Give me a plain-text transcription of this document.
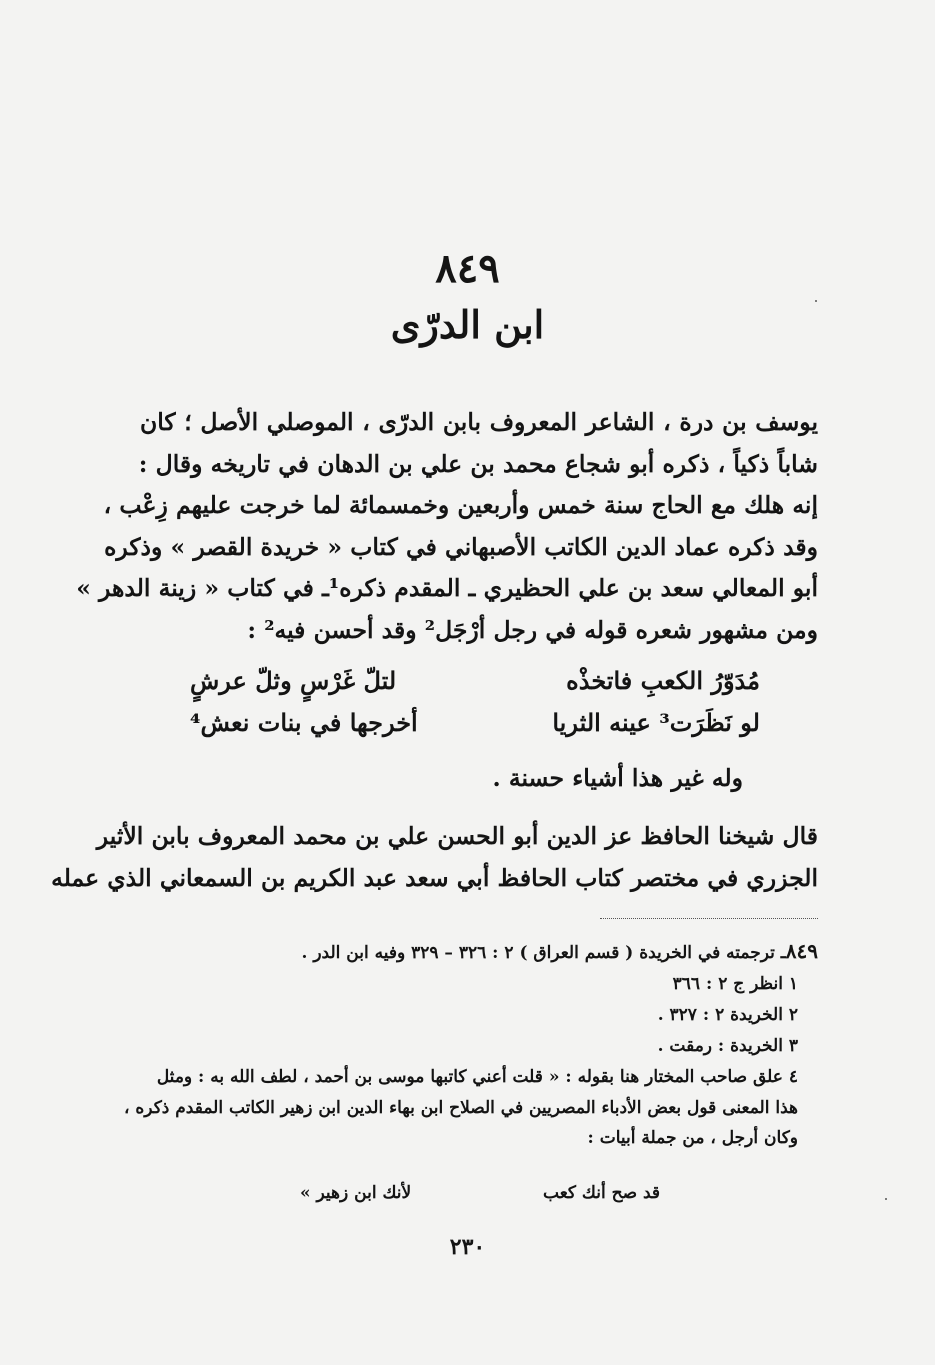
٨٤٩
ابن الدرّى
يوسف بن درة ، الشاعر المعروف بابن الدرّى ، الموصلي الأصل ؛ كان
شاباً ذكياً ، ذكره أبو شجاع محمد بن علي بن الدهان في تاريخه وقال :
إنه هلك مع الحاج سنة خمس وأربعين وخمسمائة لما خرجت عليهم زِعْب ،
وقد ذكره عماد الدين الكاتب الأصبهاني في كتاب « خريدة القصر » وذكره
أبو المعالي سعد بن علي الحظيري ـ المقدم ذكره¹ـ في كتاب « زينة الدهر »
ومن مشهور شعره قوله في رجل أرْجَل² وقد أحسن فيه² :
مُدَوّرُ الكعبِ فاتخذْه
لتلّ غَرْسٍ وثلّ عرشٍ
لو نَظَرَت³ عينه الثريا
أخرجها في بنات نعش⁴
وله غير هذا أشياء حسنة .
قال شيخنا الحافظ عز الدين أبو الحسن علي بن محمد المعروف بابن الأثير
الجزري في مختصر كتاب الحافظ أبي سعد عبد الكريم بن السمعاني الذي عمله
٨٤٩ـ ترجمته في الخريدة ( قسم العراق ) ٢ : ٣٢٦ – ٣٢٩ وفيه ابن الدر .
١ انظر ج ٢ : ٣٦٦
٢ الخريدة ٢ : ٣٢٧ .
٣ الخريدة : رمقت .
٤ علق صاحب المختار هنا بقوله : « قلت أعني كاتبها موسى بن أحمد ، لطف الله به : ومثل
هذا المعنى قول بعض الأدباء المصريين في الصلاح ابن بهاء الدين ابن زهير الكاتب المقدم ذكره ،
وكان أرجل ، من جملة أبيات :
قد صح أنك كعب
لأنك ابن زهير »
٢٣٠
